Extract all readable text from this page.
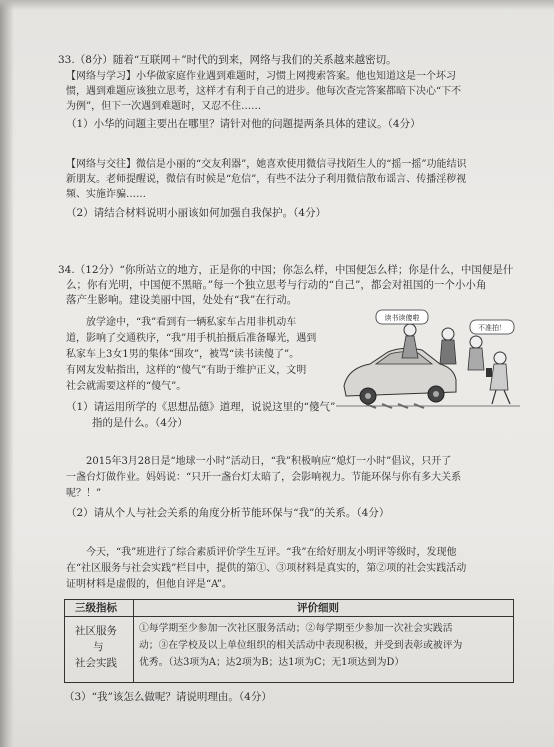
33.（8分）随着“互联网＋”时代的到来，网络与我们的关系越来越密切。
【网络与学习】小华做家庭作业遇到难题时，习惯上网搜索答案。他也知道这是一个坏习
惯，遇到难题应该独立思考，这样才有利于自己的进步。他每次查完答案都暗下决心“下不
为例”，但下一次遇到难题时，又忍不住……
（1）小华的问题主要出在哪里？请针对他的问题提两条具体的建议。（4分）
【网络与交往】微信是小丽的“交友利器”，她喜欢使用微信寻找陌生人的“摇一摇”功能结识
新朋友。老师提醒说，微信有时候是“危信”，有些不法分子利用微信散布谣言、传播淫秽视
频、实施诈骗……
（2）请结合材料说明小丽该如何加强自我保护。（4分）
34.（12分）“你所站立的地方，正是你的中国；你怎么样，中国便怎么样；你是什么，中国便是什
么；你有光明，中国便不黑暗。”每一个独立思考与行动的“自己”，都会对祖国的一个小小角
落产生影响。建设美丽中国，处处有“我”在行动。
放学途中，“我”看到有一辆私家车占用非机动车
道，影响了交通秩序，“我”用手机拍摄后准备曝光，遇到
私家车上3女1男的集体“围攻”，被骂“读书读傻了”。
有网友发帖指出，这样的“傻气”有助于维护正义，文明
社会就需要这样的“傻气”。
读书读傻啦
不准拍！
（1）请运用所学的《思想品德》道理，说说这里的“傻气”
指的是什么。（4分）
2015年3月28日是“地球一小时”活动日，“我”积极响应“熄灯一小时”倡议，只开了
一盏台灯做作业。妈妈说：“只开一盏台灯太暗了，会影响视力。节能环保与你有多大关系
呢？！”
（2）请从个人与社会关系的角度分析节能环保与“我”的关系。（4分）
今天，“我”班进行了综合素质评价学生互评。“我”在给好朋友小明评等级时，发现他
在“社区服务与社会实践”栏目中，提供的第①、③项材料是真实的，第②项的社会实践活动
证明材料是虚假的，但他自评是“A”。
三级指标	评价细则
社区服务
与
社会实践
①每学期至少参加一次社区服务活动；②每学期至少参加一次社会实践活
动；③在学校及以上单位组织的相关活动中表现积极，并受到表彰或被评为
优秀。（达3项为A；达2项为B；达1项为C；无1项达到为D）
（3）“我”该怎么做呢？请说明理由。（4分）
